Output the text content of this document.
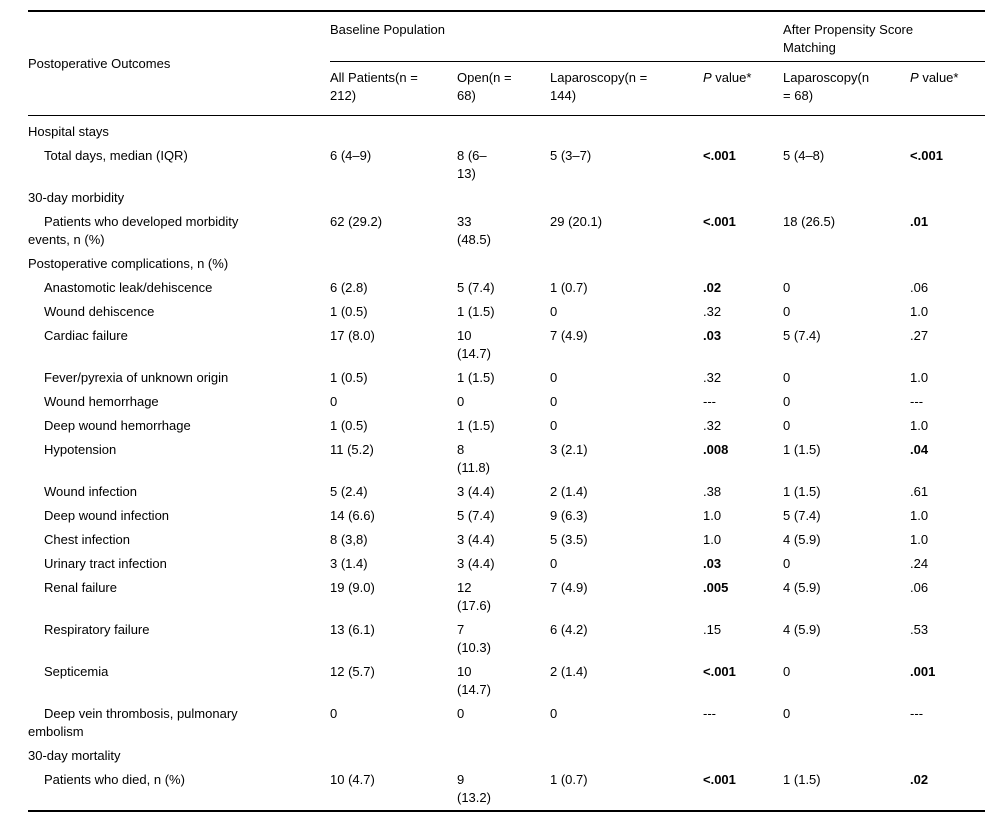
Postoperative Outcomes	Baseline Population				After Propensity Score Matching	

	All Patients(n = 212)	Open(n = 68)	Laparoscopy(n = 144)	P value*	Laparoscopy(n = 68)	P value*

Hospital stays						

Total days, median (IQR)	6 (4–9)	8 (6–13)	5 (3–7)	<.001	5 (4–8)	<.001

30-day morbidity						

Patients who developed morbidity events, n (%)	62 (29.2)	33 (48.5)	29 (20.1)	<.001	18 (26.5)	.01

Postoperative complications, n (%)						

Anastomotic leak/dehiscence	6 (2.8)	5 (7.4)	1 (0.7)	.02	0	.06

Wound dehiscence	1 (0.5)	1 (1.5)	0	.32	0	1.0

Cardiac failure	17 (8.0)	10 (14.7)	7 (4.9)	.03	5 (7.4)	.27

Fever/pyrexia of unknown origin	1 (0.5)	1 (1.5)	0	.32	0	1.0

Wound hemorrhage	0	0	0	---	0	---

Deep wound hemorrhage	1 (0.5)	1 (1.5)	0	.32	0	1.0

Hypotension	11 (5.2)	8 (11.8)	3 (2.1)	.008	1 (1.5)	.04

Wound infection	5 (2.4)	3 (4.4)	2 (1.4)	.38	1 (1.5)	.61

Deep wound infection	14 (6.6)	5 (7.4)	9 (6.3)	1.0	5 (7.4)	1.0

Chest infection	8 (3,8)	3 (4.4)	5 (3.5)	1.0	4 (5.9)	1.0

Urinary tract infection	3 (1.4)	3 (4.4)	0	.03	0	.24

Renal failure	19 (9.0)	12 (17.6)	7 (4.9)	.005	4 (5.9)	.06

Respiratory failure	13 (6.1)	7 (10.3)	6 (4.2)	.15	4 (5.9)	.53

Septicemia	12 (5.7)	10 (14.7)	2 (1.4)	<.001	0	.001

Deep vein thrombosis, pulmonary embolism	0	0	0	---	0	---

30-day mortality						

Patients who died, n (%)	10 (4.7)	9 (13.2)	1 (0.7)	<.001	1 (1.5)	.02
